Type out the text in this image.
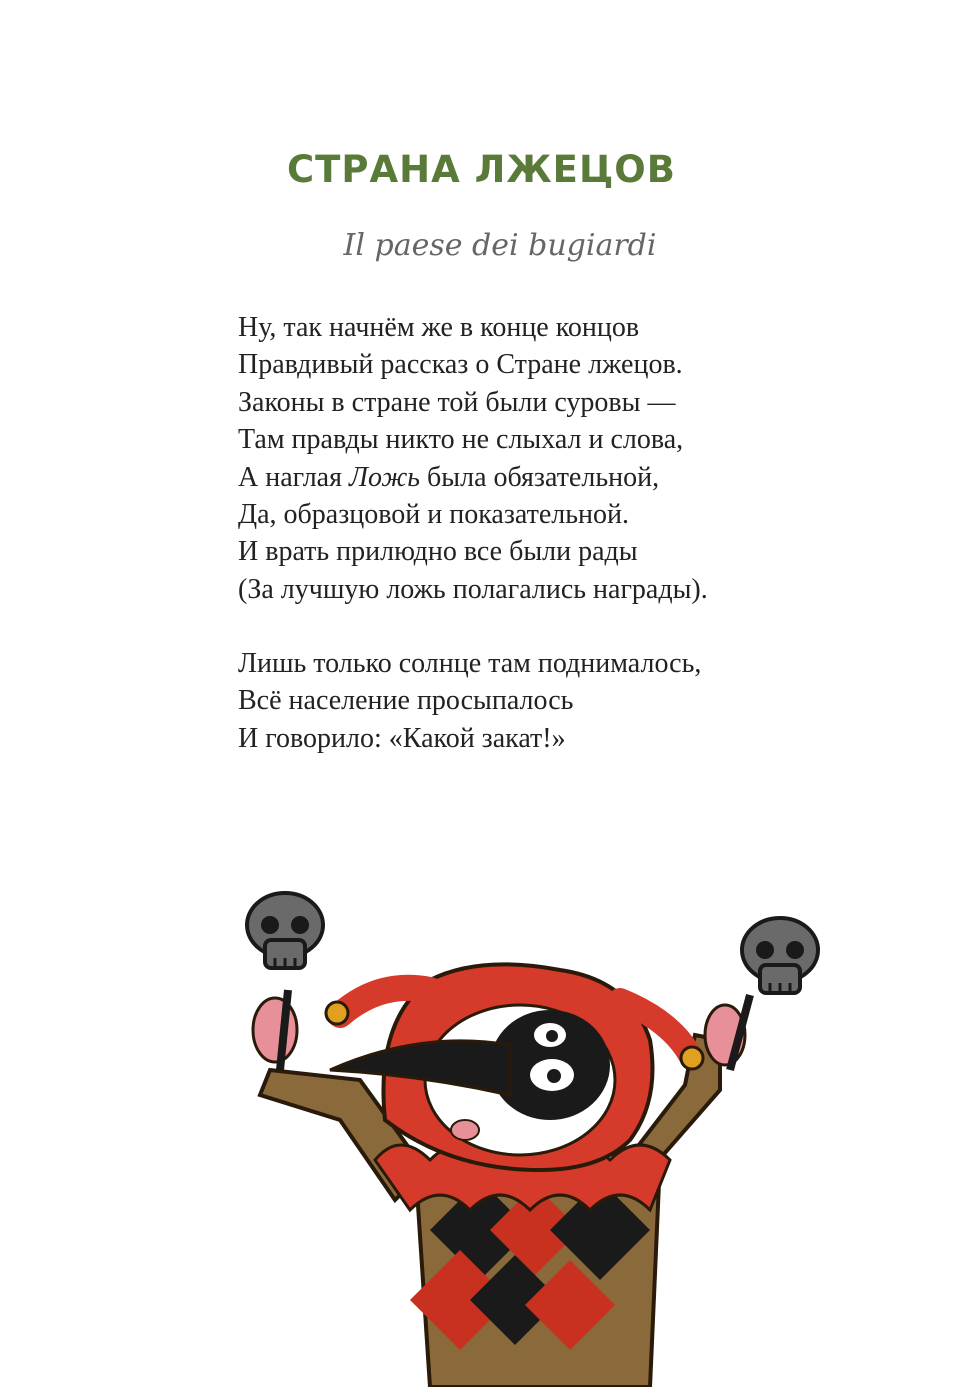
СТРАНА ЛЖЕЦОВ
Il paese dei bugiardi
Ну, так начнём же в конце концов
Правдивый рассказ о Стране лжецов.
Законы в стране той были суровы —
Там правды никто не слыхал и слова,
А наглая Ложь была обязательной,
Да, образцовой и показательной.
И врать прилюдно все были рады
(За лучшую ложь полагались награды).
Лишь только солнце там поднималось,
Всё население просыпалось
И говорило: «Какой закат!»
